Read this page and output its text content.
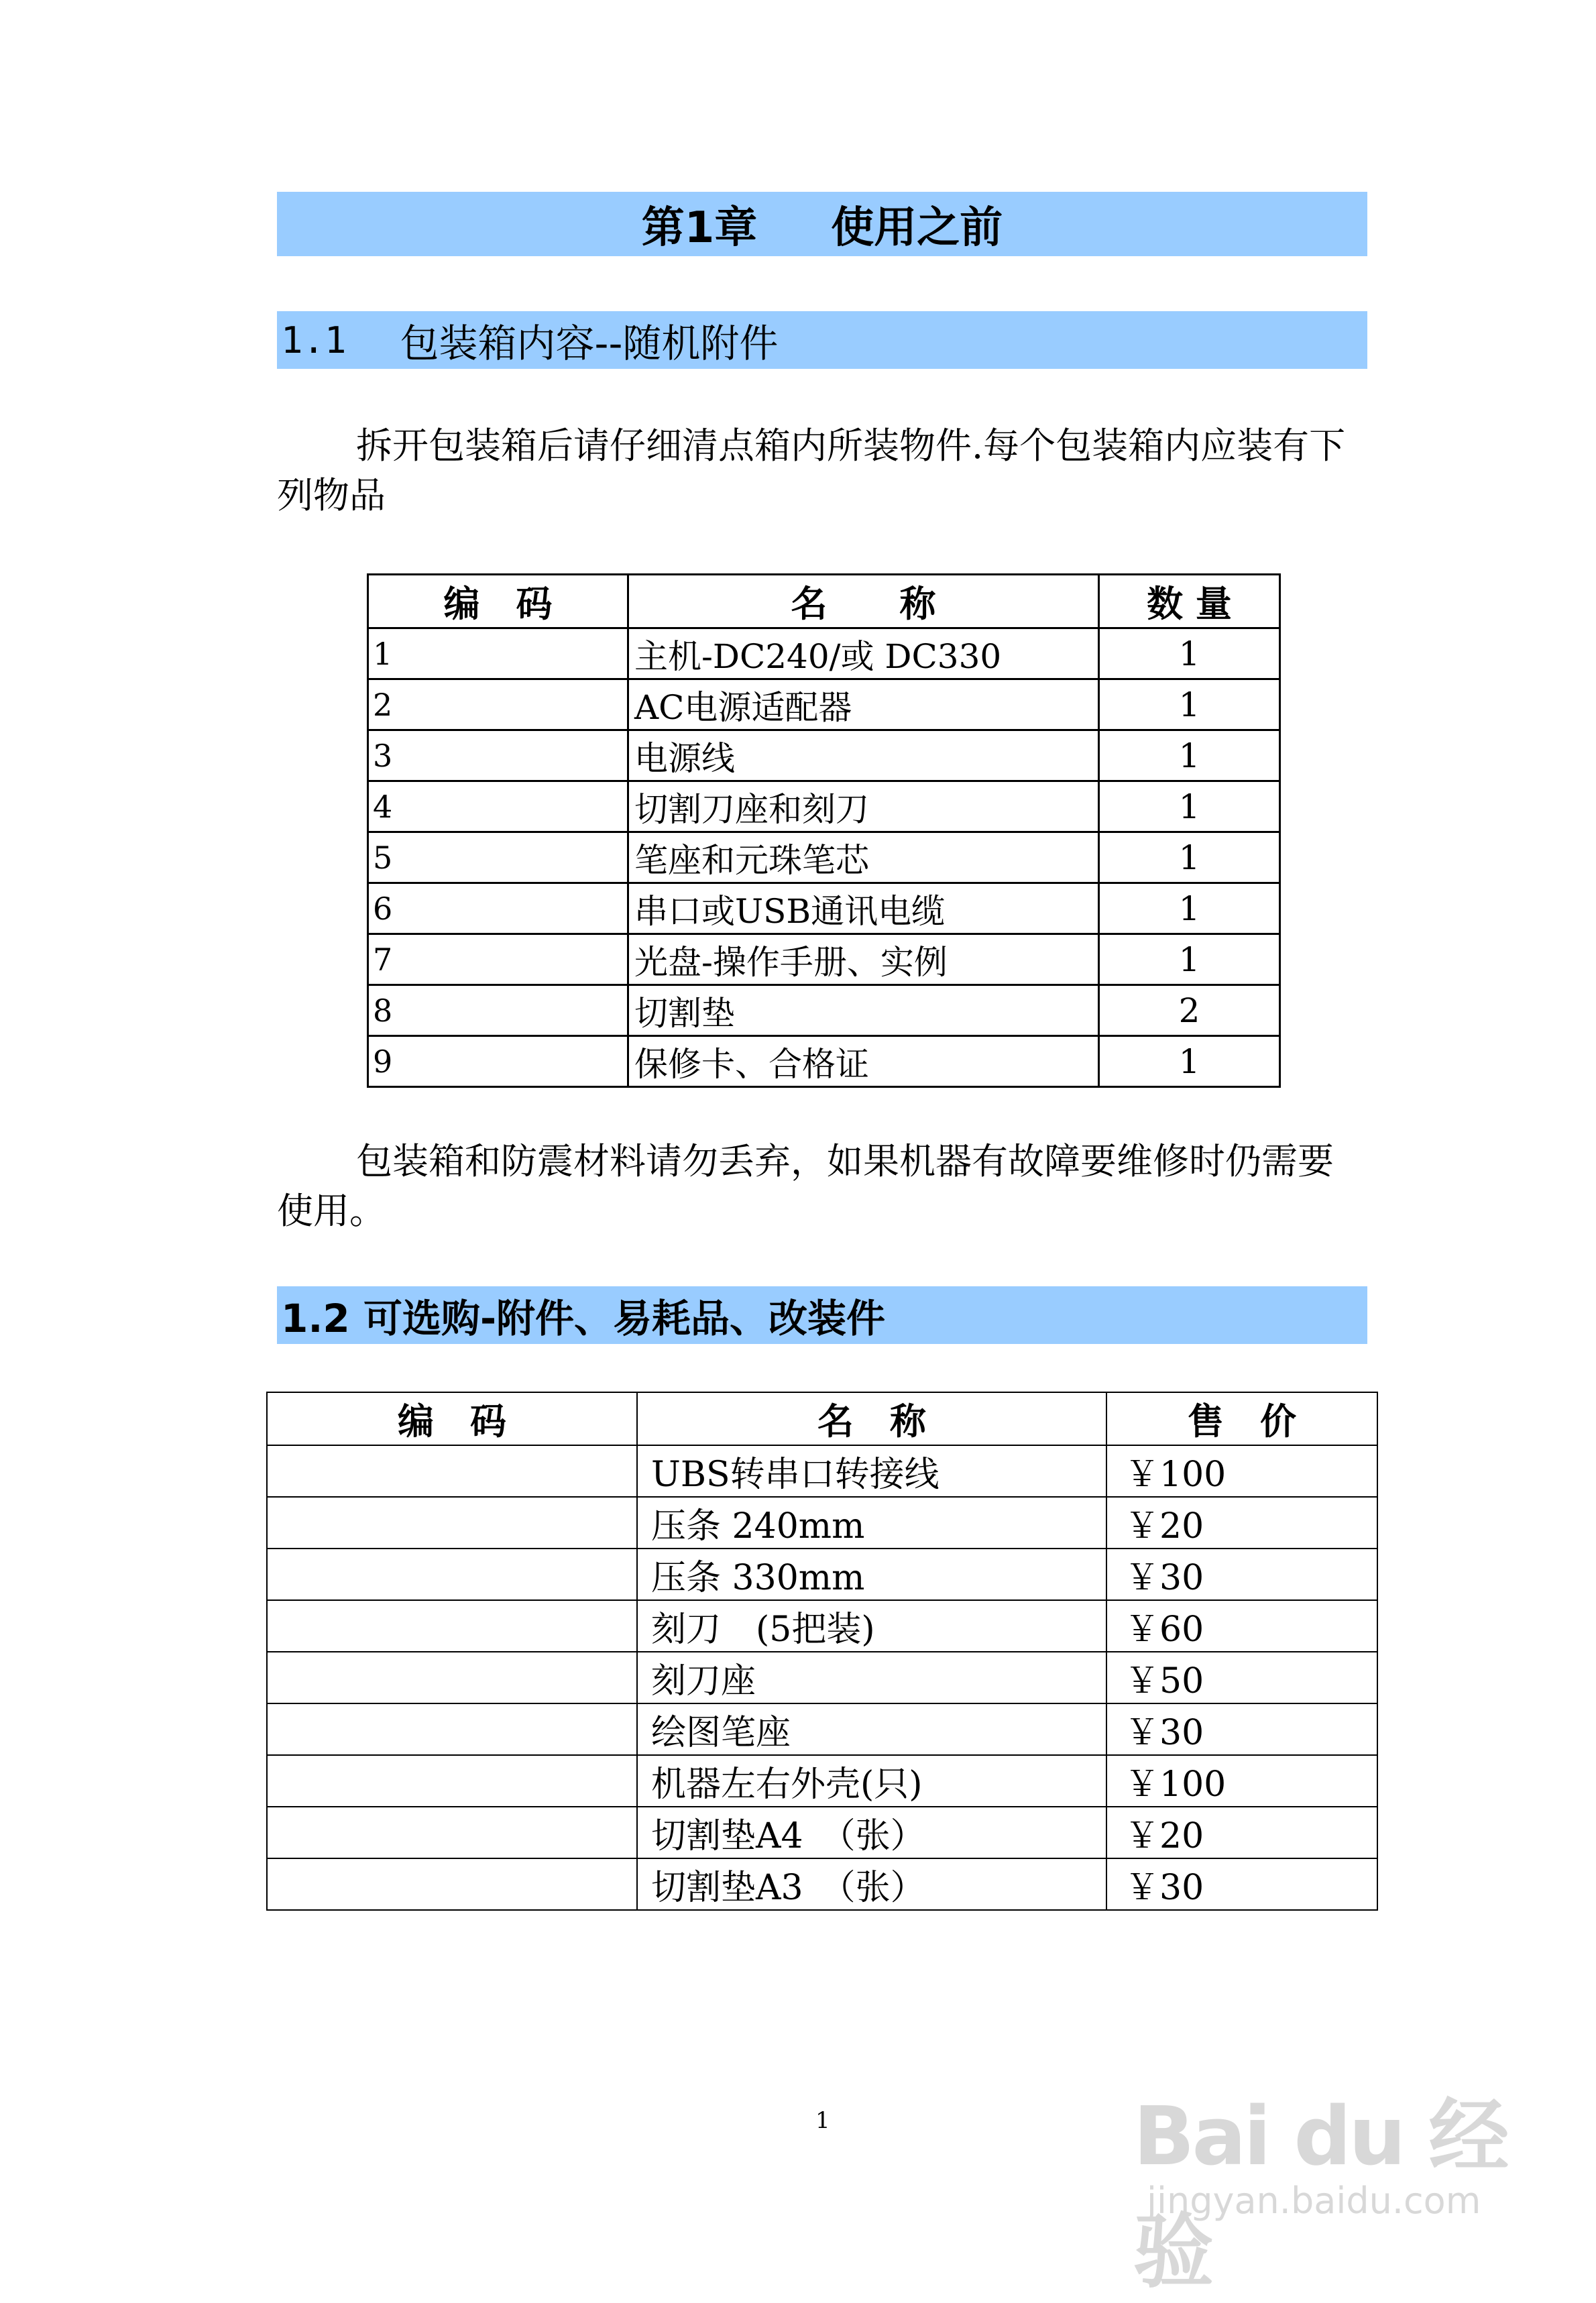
第1章 使用之前
1.1 包装箱内容--随机附件

拆开包装箱后请仔细清点箱内所装物件.每个包装箱内应装有下列物品

编　码	名　　称	数 量
1	主机-DC240/或 DC330	1
2	AC电源适配器	1
3	电源线	1
4	切割刀座和刻刀	1
5	笔座和元珠笔芯	1
6	串口或USB通讯电缆	1
7	光盘-操作手册、实例	1
8	切割垫	2
9	保修卡、合格证	1

包装箱和防震材料请勿丢弃，如果机器有故障要维修时仍需要使用。

1.2 可选购-附件、易耗品、改装件
编　码	名　称	售　价
	UBS转串口转接线	￥100
	压条 240mm	￥20
	压条 330mm	￥30
	刻刀　(5把装)	￥60
	刻刀座	￥50
	绘图笔座	￥30
	机器左右外壳(只)	￥100
	切割垫A4　（张）	￥20
	切割垫A3　（张）	￥30
1	Bai du 经验
jingyan.baidu.com
